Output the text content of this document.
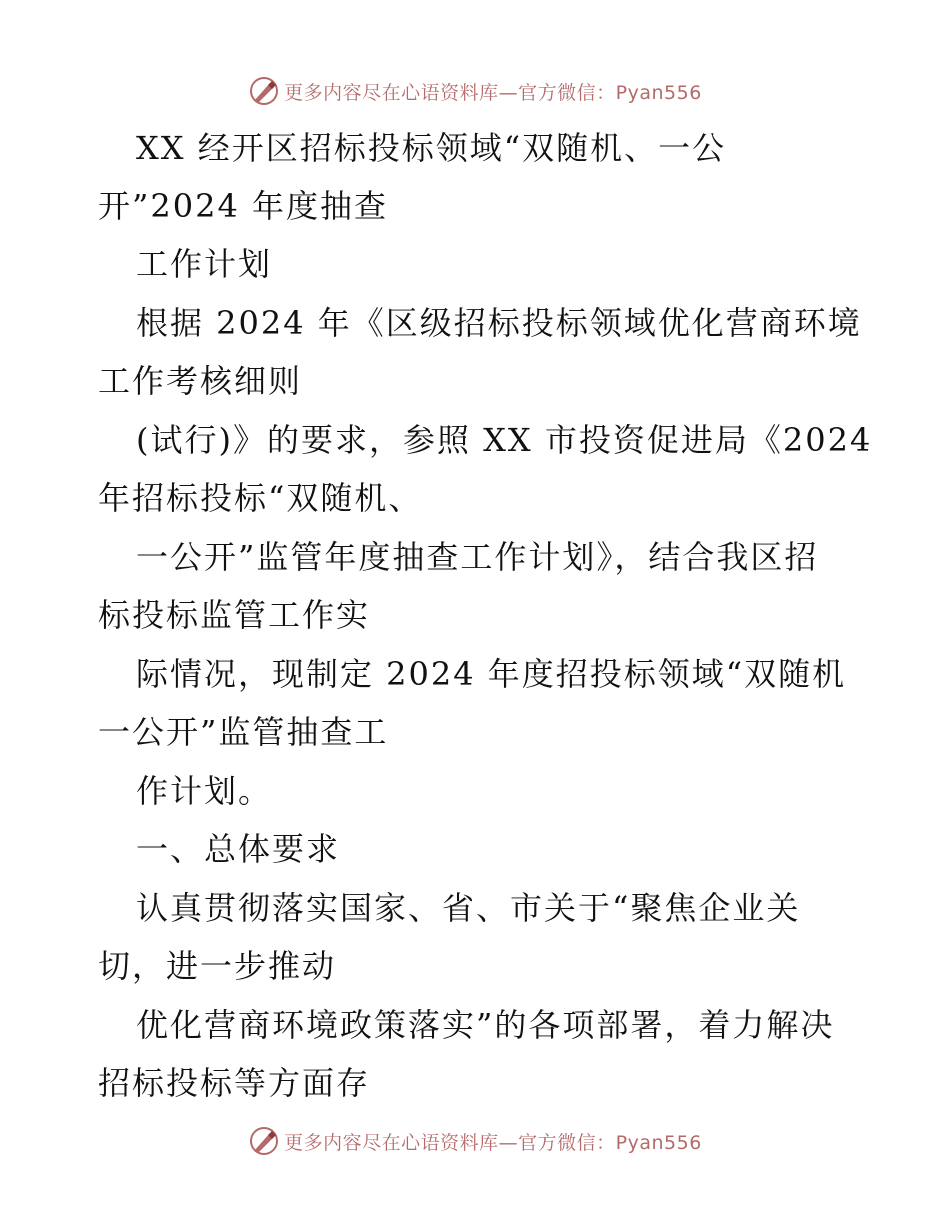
更多内容尽在心语资料库—官方微信：Pyan556
XX 经开区招标投标领域“双随机、一公
开”2024 年度抽查
工作计划
根据 2024 年《区级招标投标领域优化营商环境
工作考核细则
(试行)》的要求，参照 XX 市投资促进局《2024
年招标投标“双随机、
一公开”监管年度抽查工作计划》，结合我区招
标投标监管工作实
际情况，现制定 2024 年度招投标领域“双随机
一公开”监管抽查工
作计划。
一、总体要求
认真贯彻落实国家、省、市关于“聚焦企业关
切，进一步推动
优化营商环境政策落实”的各项部署，着力解决
招标投标等方面存
更多内容尽在心语资料库—官方微信：Pyan556
